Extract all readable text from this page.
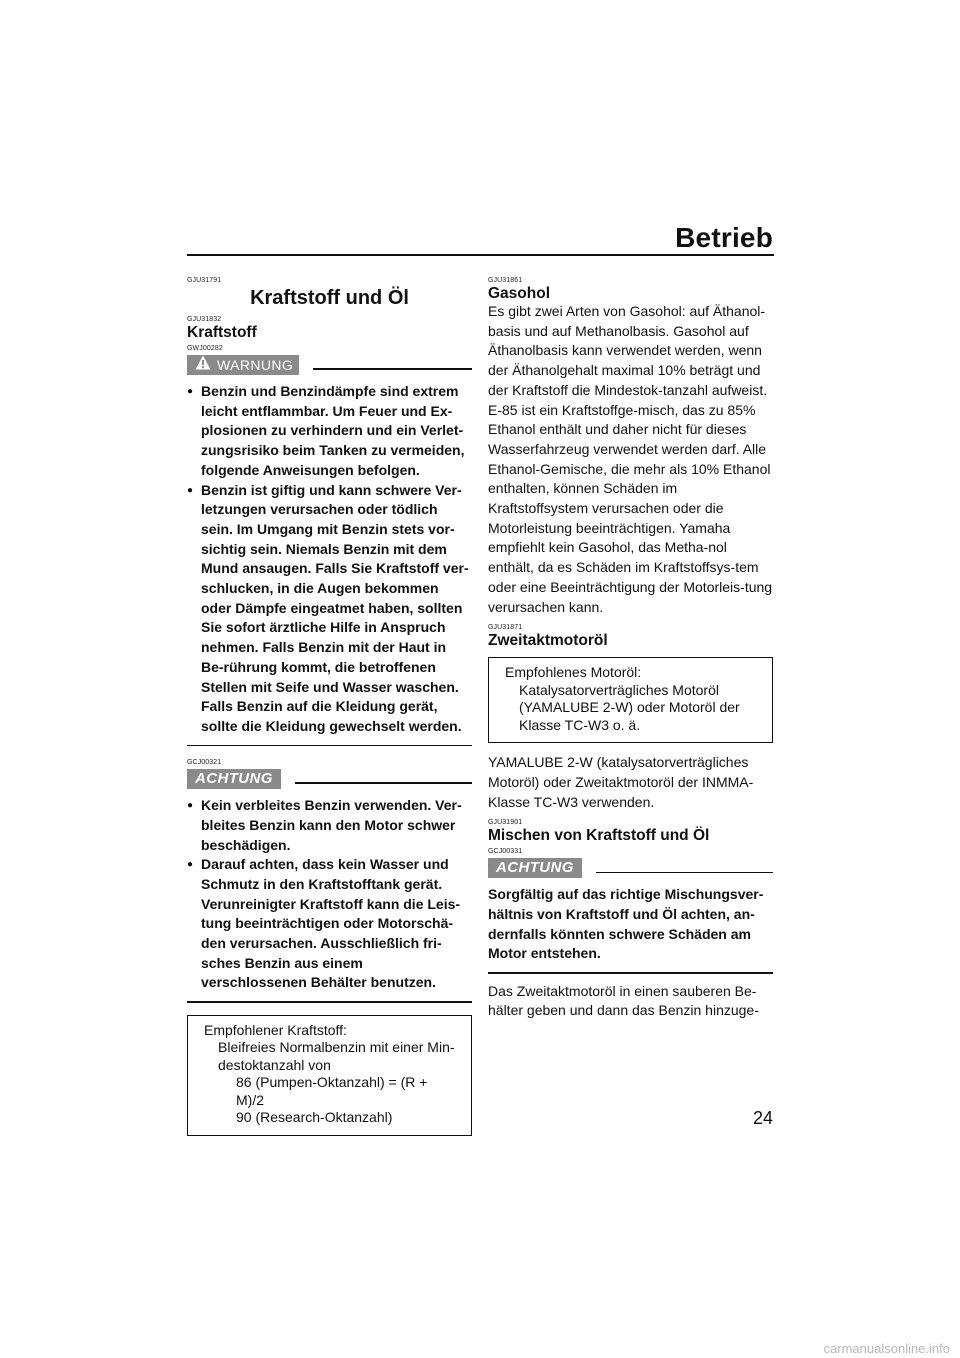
Betrieb
GJU31791
Kraftstoff und Öl
GJU31832
Kraftstoff
GWJ00282
WARNUNG
● Benzin und Benzindämpfe sind extrem leicht entflammbar. Um Feuer und Ex-plosionen zu verhindern und ein Verlet-zungsrisiko beim Tanken zu vermeiden, folgende Anweisungen befolgen.
● Benzin ist giftig und kann schwere Ver-letzungen verursachen oder tödlich sein. Im Umgang mit Benzin stets vor-sichtig sein. Niemals Benzin mit dem Mund ansaugen. Falls Sie Kraftstoff ver-schlucken, in die Augen bekommen oder Dämpfe eingeatmet haben, sollten Sie sofort ärztliche Hilfe in Anspruch nehmen. Falls Benzin mit der Haut in Be-rührung kommt, die betroffenen Stellen mit Seife und Wasser waschen. Falls Benzin auf die Kleidung gerät, sollte die Kleidung gewechselt werden.
GCJ00321
ACHTUNG
● Kein verbleites Benzin verwenden. Ver-bleites Benzin kann den Motor schwer beschädigen.
● Darauf achten, dass kein Wasser und Schmutz in den Kraftstofftank gerät. Verunreinigter Kraftstoff kann die Leis-tung beeinträchtigen oder Motorschä-den verursachen. Ausschließlich fri-sches Benzin aus einem verschlossenen Behälter benutzen.
Empfohlener Kraftstoff:
Bleifreies Normalbenzin mit einer Min-destoktanzahl von
86 (Pumpen-Oktanzahl) = (R + M)/2
90 (Research-Oktanzahl)
GJU31861
Gasohol

Es gibt zwei Arten von Gasohol: auf Äthanol-basis und auf Methanolbasis. Gasohol auf Äthanolbasis kann verwendet werden, wenn der Äthanolgehalt maximal 10% beträgt und der Kraftstoff die Mindestok-tanzahl aufweist. E-85 ist ein Kraftstoffge-misch, das zu 85% Ethanol enthält und daher nicht für dieses Wasserfahrzeug verwendet werden darf. Alle Ethanol-Gemische, die mehr als 10% Ethanol enthalten, können Schäden im Kraftstoffsystem verursachen oder die Motorleistung beeinträchtigen. Yamaha empfiehlt kein Gasohol, das Metha-nol enthält, da es Schäden im Kraftstoffsys-tem oder eine Beeinträchtigung der Motorleis-tung verursachen kann.

GJU31871
Zweitaktmotoröl
Empfohlenes Motoröl:
Katalysatorverträgliches Motoröl (YAMALUBE 2-W) oder Motoröl der Klasse TC-W3 o. ä.

YAMALUBE 2-W (katalysatorverträgliches Motoröl) oder Zweitaktmotoröl der INMMA-Klasse TC-W3 verwenden.

GJU31901
Mischen von Kraftstoff und Öl
GCJ00331
ACHTUNG

Sorgfältig auf das richtige Mischungsver-hältnis von Kraftstoff und Öl achten, an-dernfalls könnten schwere Schäden am Motor entstehen.

Das Zweitaktmotoröl in einen sauberen Be-hälter geben und dann das Benzin hinzuge-

24
carmanualsonline.info
